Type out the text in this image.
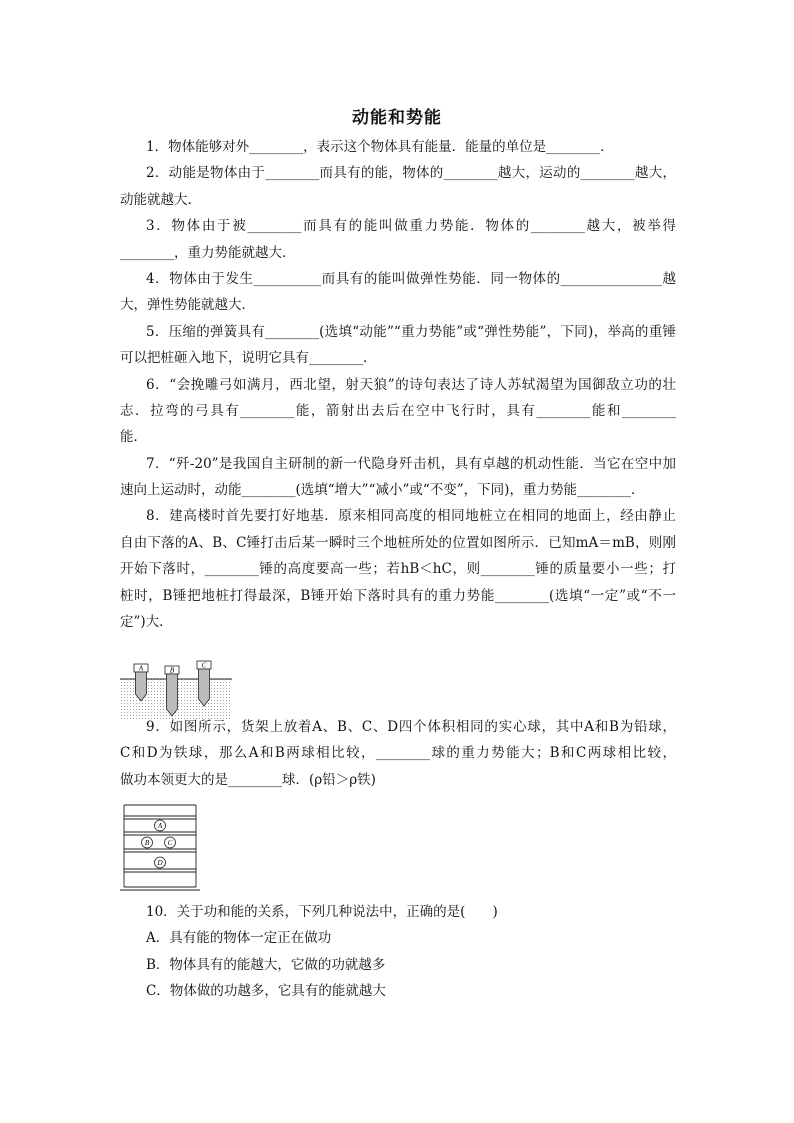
动能和势能
1．物体能够对外________，表示这个物体具有能量．能量的单位是________．
2．动能是物体由于________而具有的能，物体的________越大，运动的________越大，
动能就越大．
3．物体由于被________而具有的能叫做重力势能．物体的________越大，被举得
________，重力势能就越大．
4．物体由于发生__________而具有的能叫做弹性势能．同一物体的_______________越
大，弹性势能就越大．
5．压缩的弹簧具有________(选填“动能”“重力势能”或“弹性势能”，下同)，举高的重锤
可以把桩砸入地下，说明它具有________．
6．“会挽雕弓如满月，西北望，射天狼”的诗句表达了诗人苏轼渴望为国御敌立功的壮
志．拉弯的弓具有________能，箭射出去后在空中飞行时，具有________能和________
能．
7．“歼-20”是我国自主研制的新一代隐身歼击机，具有卓越的机动性能．当它在空中加
速向上运动时，动能________(选填“增大”“减小”或“不变”，下同)，重力势能________．
8．建高楼时首先要打好地基．原来相同高度的相同地桩立在相同的地面上，经由静止
自由下落的A、B、C锤打击后某一瞬时三个地桩所处的位置如图所示．已知mA＝mB，则刚
开始下落时，________锤的高度要高一些；若hB＜hC，则________锤的质量要小一些；打
桩时，B锤把地桩打得最深，B锤开始下落时具有的重力势能________(选填“一定”或“不一
定”)大．
A	B
C
9．如图所示，货架上放着A、B、C、D四个体积相同的实心球，其中A和B为铅球，
C和D为铁球，那么A和B两球相比较，________球的重力势能大；B和C两球相比较，
做功本领更大的是________球．(ρ铅＞ρ铁)
A
B	C
D
10．关于功和能的关系，下列几种说法中，正确的是(　　)
A．具有能的物体一定正在做功
B．物体具有的能越大，它做的功就越多
C．物体做的功越多，它具有的能就越大
